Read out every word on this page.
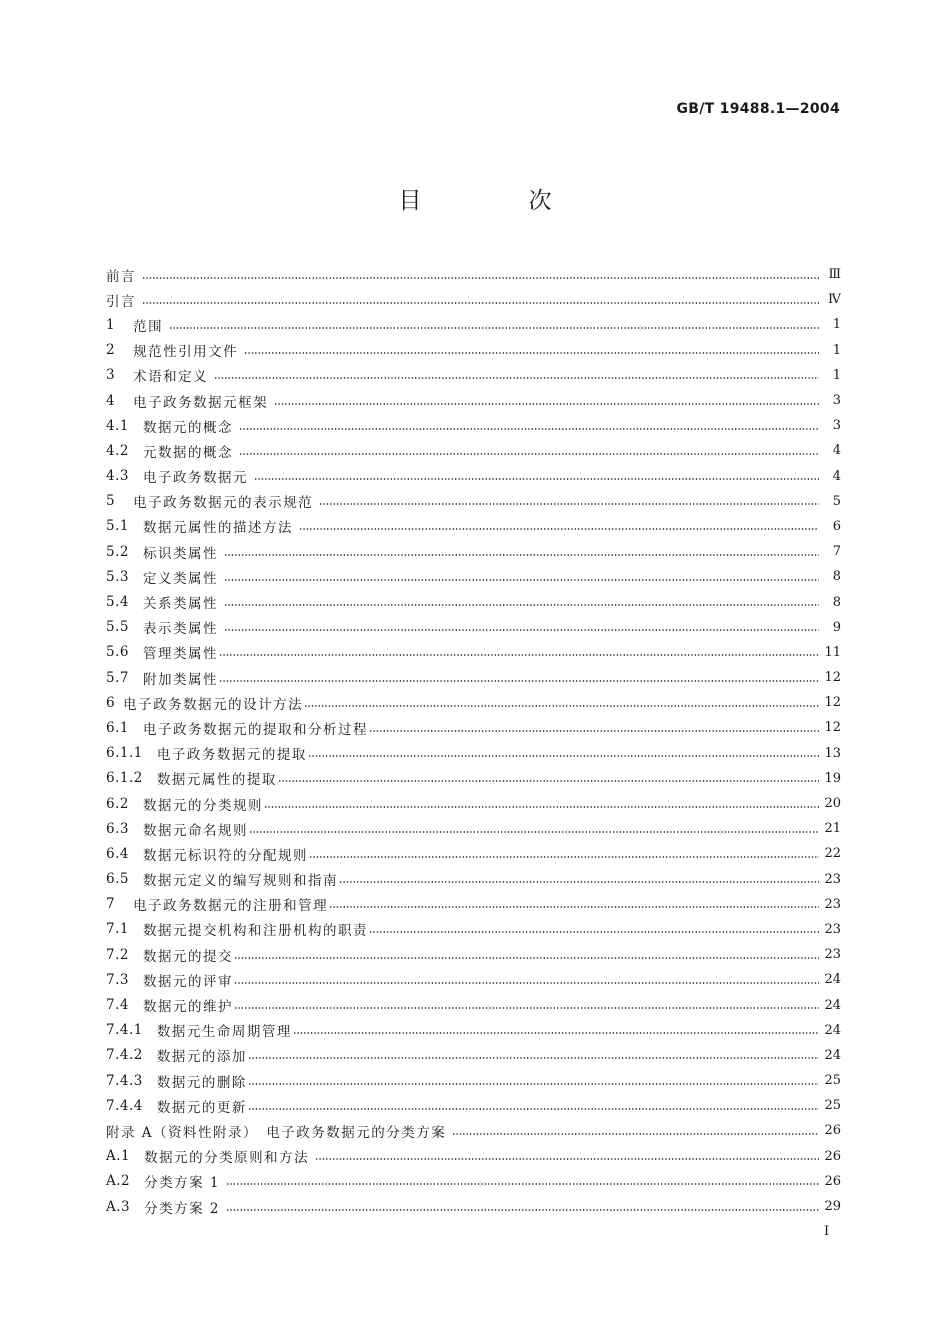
GB/T 19488.1—2004
目　次
前言	Ⅲ
引言	Ⅳ
1 范围	1
2 规范性引用文件	1
3 术语和定义	1
4 电子政务数据元框架	3
4.1 数据元的概念	3
4.2 元数据的概念	4
4.3 电子政务数据元	4
5 电子政务数据元的表示规范	5
5.1 数据元属性的描述方法	6
5.2 标识类属性	7
5.3 定义类属性	8
5.4 关系类属性	8
5.5 表示类属性	9
5.6 管理类属性	11
5.7 附加类属性	12
6 电子政务数据元的设计方法	12
6.1 电子政务数据元的提取和分析过程	12
6.1.1 电子政务数据元的提取	13
6.1.2 数据元属性的提取	19
6.2 数据元的分类规则	20
6.3 数据元命名规则	21
6.4 数据元标识符的分配规则	22
6.5 数据元定义的编写规则和指南	23
7 电子政务数据元的注册和管理	23
7.1 数据元提交机构和注册机构的职责	23
7.2 数据元的提交	23
7.3 数据元的评审	24
7.4 数据元的维护	24
7.4.1 数据元生命周期管理	24
7.4.2 数据元的添加	24
7.4.3 数据元的删除	25
7.4.4 数据元的更新	25
附录 A（资料性附录）　电子政务数据元的分类方案	26
A.1 数据元的分类原则和方法	26
A.2 分类方案 1	26
A.3 分类方案 2	29
I
